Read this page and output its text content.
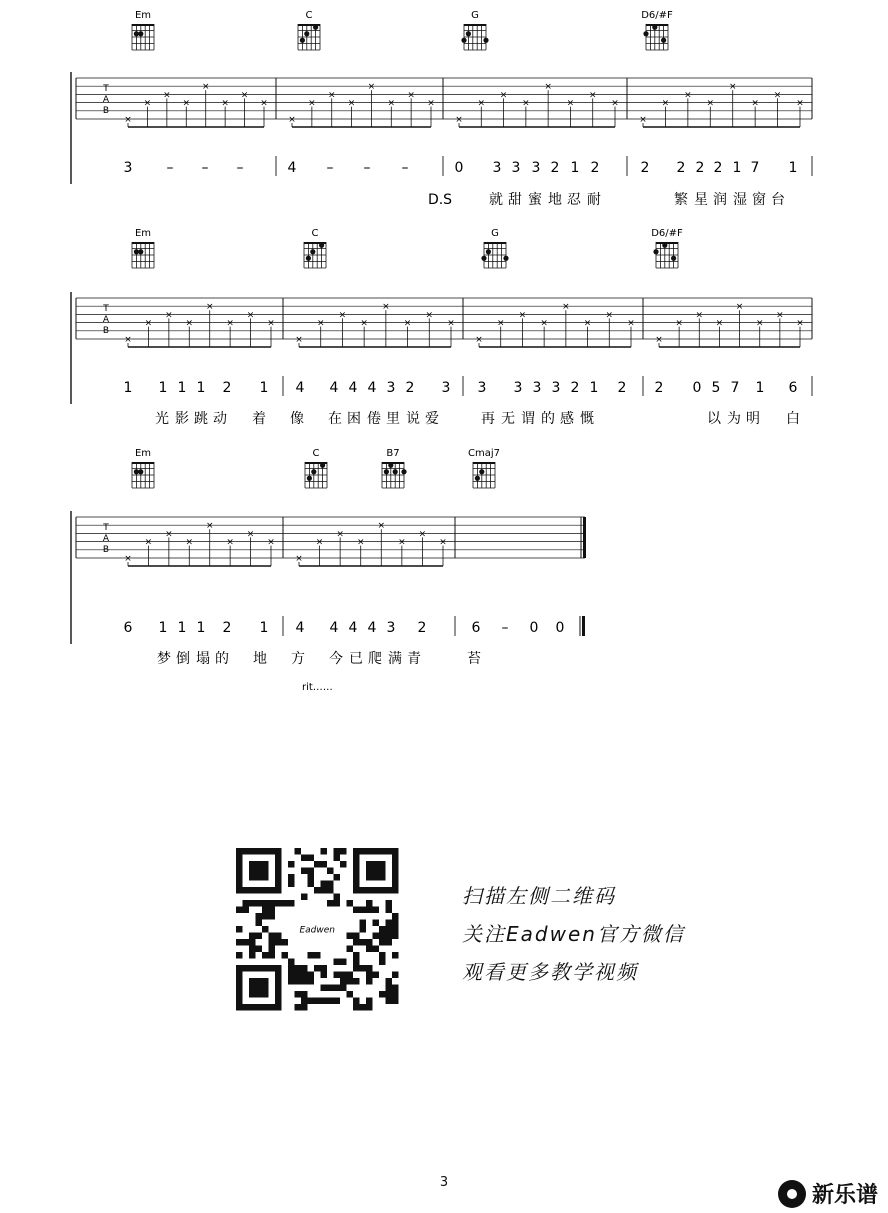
T
A
B
×
×
×
×
×
×
×
×
×
×
×
×
×
×
×
×
×
×
×
×
×
×
×
×
×
×
×
×
×
×
×
×
Em	C	G	D6/#F
3 – – –	4 – – –	0 3 3 3 2 1 2	2 2 2 2 1 7 1
就 甜 蜜 地 忍 耐	繁 星 润 湿 窗 台
T
A
B
×
×
×
×
×
×
×
×
×
×
×
×
×
×
×
×
×
×
×
×
×
×
×
×
×
×
×
×
×
×
×
×
Em	C	G	D6/#F
1 1 1 1 2 1 4 4 4 4 3 2 3 3 3 3 3 2 1 2 2 0 5 7 1 6
光 影 跳 动 着 像 在 困 倦 里 说 爱	再 无 谓 的 感 慨	以 为 明 白
T
A
B
×
×
×
×
×
×
×
×
×
×
×
×
×
×
×
×
Em	C	B7	Cmaj7
6 1 1 1 2 1 4 4 4 4 3 2	6 – 0 0
梦 倒 塌 的 地 方 今 已 爬 满 青	苔
D.S
rit……
Eadwen
扫描左侧二维码
关注Eadwen官方微信
观看更多教学视频
3
新乐谱
